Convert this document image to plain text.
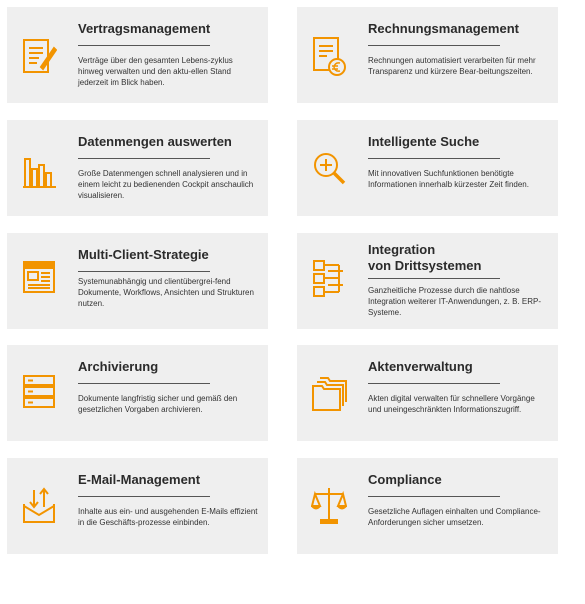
Vertragsmanagement

Verträge über den gesamten Lebens-zyklus hinweg verwalten und den aktu-ellen Stand jederzeit im Blick haben.

Rechnungsmanagement

Rechnungen automatisiert verarbeiten für mehr Transparenz und kürzere Bear-beitungszeiten.

Datenmengen auswerten

Große Datenmengen schnell analysieren und in einem leicht zu bedienenden Cockpit anschaulich visualisieren.

Intelligente Suche

Mit innovativen Suchfunktionen benötigte Informationen innerhalb kürzester Zeit finden.

Multi-Client-Strategie

Systemunabhängig und clientübergrei-fend Dokumente, Workflows, Ansichten und Strukturen nutzen.

Integration
von Drittsystemen

Ganzheitliche Prozesse durch die nahtlose Integration weiterer IT-Anwendungen, z. B. ERP-Systeme.

Archivierung

Dokumente langfristig sicher und gemäß den gesetzlichen Vorgaben archivieren.

Aktenverwaltung

Akten digital verwalten für schnellere Vorgänge und uneingeschränkten Informationszugriff.

E-Mail-Management

Inhalte aus ein- und ausgehenden E-Mails effizient in die Geschäfts-prozesse einbinden.

Compliance

Gesetzliche Auflagen einhalten und Compliance-Anforderungen sicher umsetzen.
